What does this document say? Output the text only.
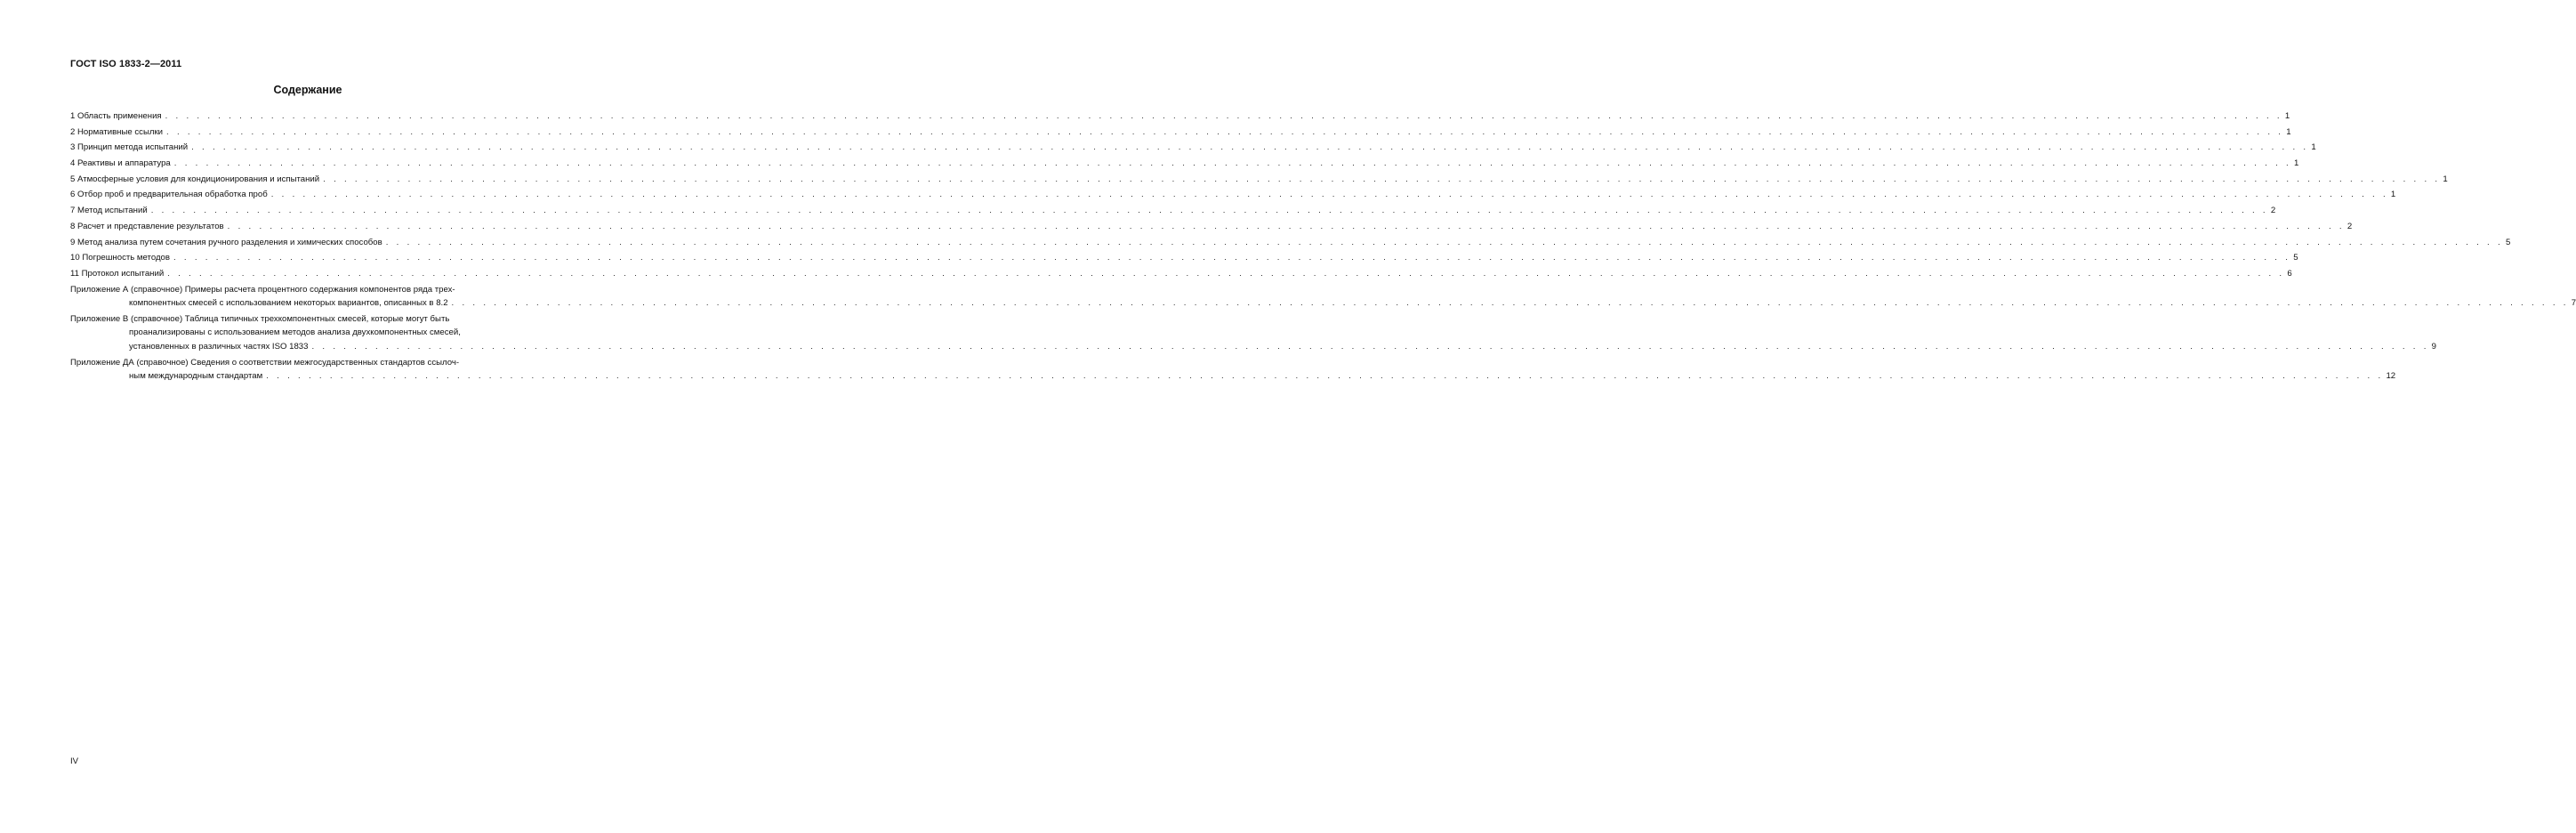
ГОСТ ISO 1833-2—2011
Содержание
1 Область применения . . . . . . . . . . . . . . . . . . . . . . . . . . . . . . . . . . . . . . . . . . . . . . . . . . . . . . . . . . . . . . . . . . . . . . . . . . . . . . . . . . . . . . . . . . . . . . . . . . . . . . . . . . . . . . . . . . . . . . . . . . . . . . . . . . . . . . . . . . . . . . . . . . . . . . . . . . . . . . . . . . . . . . . . . . . . . . . . . . . . . . . . . . . . . . . . . . . . . . . . 1
2 Нормативные ссылки . . . . . . . . . . . . . . . . . . . . . . . . . . . . . . . . . . . . . . . . . . . . . . . . . . . . . . . . . . . . . . . . . . . . . . . . . . . . . . . . . . . . . . . . . . . . . . . . . . . . . . . . . . . . . . . . . . . . . . . . . . . . . . . . . . . . . . . . . . . . . . . . . . . . . . . . . . . . . . . . . . . . . . . . . . . . . . . . . . . . . . . . . . . . . . . . . . . . . . . . 1
3 Принцип метода испытаний . . . . . . . . . . . . . . . . . . . . . . . . . . . . . . . . . . . . . . . . . . . . . . . . . . . . . . . . . . . . . . . . . . . . . . . . . . . . . . . . . . . . . . . . . . . . . . . . . . . . . . . . . . . . . . . . . . . . . . . . . . . . . . . . . . . . . . . . . . . . . . . . . . . . . . . . . . . . . . . . . . . . . . . . . . . . . . . . . . . . . . . . . . . . . . . . . . . . . . . . 1
4 Реактивы и аппаратура . . . . . . . . . . . . . . . . . . . . . . . . . . . . . . . . . . . . . . . . . . . . . . . . . . . . . . . . . . . . . . . . . . . . . . . . . . . . . . . . . . . . . . . . . . . . . . . . . . . . . . . . . . . . . . . . . . . . . . . . . . . . . . . . . . . . . . . . . . . . . . . . . . . . . . . . . . . . . . . . . . . . . . . . . . . . . . . . . . . . . . . . . . . . . . . . . . . . . . . . 1
5 Атмосферные условия для кондиционирования и испытаний . . . . . . . . . . . . . . . . . . . . . . . . . . . . . . . . . . . . . . . . . . . . . . . . . . . . . . . . . . . . . . . . . . . . . . . . . . . . . . . . . . . . . . . . . . . . . . . . . . . . . . . . . . . . . . . . . . . . . . . . . . . . . . . . . . . . . . . . . . . . . . . . . . . . . . . . . . . . . . . . . . . . . . . . . . . . . . . . . . . . . . . . . . . . . . . . . . . . . . . . 1
6 Отбор проб и предварительная обработка проб . . . . . . . . . . . . . . . . . . . . . . . . . . . . . . . . . . . . . . . . . . . . . . . . . . . . . . . . . . . . . . . . . . . . . . . . . . . . . . . . . . . . . . . . . . . . . . . . . . . . . . . . . . . . . . . . . . . . . . . . . . . . . . . . . . . . . . . . . . . . . . . . . . . . . . . . . . . . . . . . . . . . . . . . . . . . . . . . . . . . . . . . . . . . . . . . . . . . . . . . 1
7 Метод испытаний . . . . . . . . . . . . . . . . . . . . . . . . . . . . . . . . . . . . . . . . . . . . . . . . . . . . . . . . . . . . . . . . . . . . . . . . . . . . . . . . . . . . . . . . . . . . . . . . . . . . . . . . . . . . . . . . . . . . . . . . . . . . . . . . . . . . . . . . . . . . . . . . . . . . . . . . . . . . . . . . . . . . . . . . . . . . . . . . . . . . . . . . . . . . . . . . . . . . . . . . 2
8 Расчет и представление результатов . . . . . . . . . . . . . . . . . . . . . . . . . . . . . . . . . . . . . . . . . . . . . . . . . . . . . . . . . . . . . . . . . . . . . . . . . . . . . . . . . . . . . . . . . . . . . . . . . . . . . . . . . . . . . . . . . . . . . . . . . . . . . . . . . . . . . . . . . . . . . . . . . . . . . . . . . . . . . . . . . . . . . . . . . . . . . . . . . . . . . . . . . . . . . . . . . . . . . . . . 2
9 Метод анализа путем сочетания ручного разделения и химических способов . . . . . . . . . . . . . . . . . . . . . . . . . . . . . . . . . . . . . . . . . . . . . . . . . . . . . . . . . . . . . . . . . . . . . . . . . . . . . . . . . . . . . . . . . . . . . . . . . . . . . . . . . . . . . . . . . . . . . . . . . . . . . . . . . . . . . . . . . . . . . . . . . . . . . . . . . . . . . . . . . . . . . . . . . . . . . . . . . . . . . . . . . . . . . . . . . . . . . . . . 5
10 Погрешность методов . . . . . . . . . . . . . . . . . . . . . . . . . . . . . . . . . . . . . . . . . . . . . . . . . . . . . . . . . . . . . . . . . . . . . . . . . . . . . . . . . . . . . . . . . . . . . . . . . . . . . . . . . . . . . . . . . . . . . . . . . . . . . . . . . . . . . . . . . . . . . . . . . . . . . . . . . . . . . . . . . . . . . . . . . . . . . . . . . . . . . . . . . . . . . . . . . . . . . . . . 5
11 Протокол испытаний . . . . . . . . . . . . . . . . . . . . . . . . . . . . . . . . . . . . . . . . . . . . . . . . . . . . . . . . . . . . . . . . . . . . . . . . . . . . . . . . . . . . . . . . . . . . . . . . . . . . . . . . . . . . . . . . . . . . . . . . . . . . . . . . . . . . . . . . . . . . . . . . . . . . . . . . . . . . . . . . . . . . . . . . . . . . . . . . . . . . . . . . . . . . . . . . . . . . . . . . 6
Приложение А (справочное) Примеры расчета процентного содержания компонентов ряда трех-
компонентных смесей с использованием некоторых вариантов, описанных в 8.2 . . . . . . . . . . . . . . . . . . . . . . . . . . . . . . . . . . . . . . . . . . . . . . . . . . . . . . . . . . . . . . . . . . . . . . . . . . . . . . . . . . . . . . . . . . . . . . . . . . . . . . . . . . . . . . . . . . . . . . . . . . . . . . . . . . . . . . . . . . . . . . . . . . . . . . . . . . . . . . . . . . . . . . . . . . . . . . . . . . . . . . . . . . . . . . . . . . . . . . . . 7
Приложение В (справочное) Таблица типичных трехкомпонентных смесей, которые могут быть
проанализированы с использованием методов анализа двухкомпонентных смесей,
установленных в различных частях ISO 1833 . . . . . . . . . . . . . . . . . . . . . . . . . . . . . . . . . . . . . . . . . . . . . . . . . . . . . . . . . . . . . . . . . . . . . . . . . . . . . . . . . . . . . . . . . . . . . . . . . . . . . . . . . . . . . . . . . . . . . . . . . . . . . . . . . . . . . . . . . . . . . . . . . . . . . . . . . . . . . . . . . . . . . . . . . . . . . . . . . . . . . . . . . . . . . . . . . . . . . . . . 9
Приложение ДА (справочное) Сведения о соответствии межгосударственных стандартов ссылоч-
ным международным стандартам . . . . . . . . . . . . . . . . . . . . . . . . . . . . . . . . . . . . . . . . . . . . . . . . . . . . . . . . . . . . . . . . . . . . . . . . . . . . . . . . . . . . . . . . . . . . . . . . . . . . . . . . . . . . . . . . . . . . . . . . . . . . . . . . . . . . . . . . . . . . . . . . . . . . . . . . . . . . . . . . . . . . . . . . . . . . . . . . . . . . . . . . . . . . . . . . . . . . . . . . 12
IV
